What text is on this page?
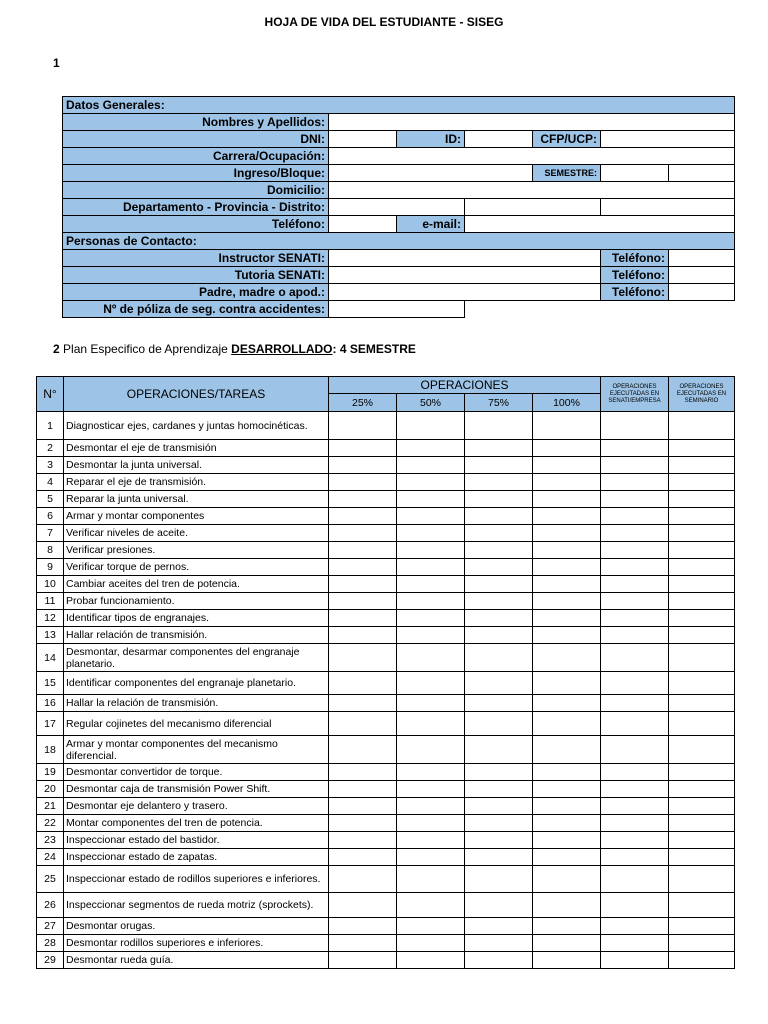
HOJA DE VIDA DEL ESTUDIANTE - SISEG
1
Datos Generales:						
Nombres y Apellidos:						
DNI:		ID:		CFP/UCP:		
Carrera/Ocupación:						
Ingreso/Bloque:				SEMESTRE:		
Domicilio:						
Departamento - Provincia - Distrito:						
Teléfono:		e-mail:				
Personas de Contacto:						
Instructor SENATI:					Teléfono:	
Tutoria SENATI:					Teléfono:	
Padre, madre o apod.:					Teléfono:	
Nº de póliza de seg. contra accidentes:						
2 Plan Especifico de Aprendizaje DESARROLLADO: 4 SEMESTRE
N°	OPERACIONES/TAREAS	OPERACIONES				OPERACIONES EJECUTADAS EN SENATI/EMPRESA	OPERACIONES EJECUTADAS EN SEMINARIO
		25%	50%	75%	100%		
1	Diagnosticar ejes, cardanes y juntas homocinéticas.						
2	Desmontar el eje de transmisión						
3	Desmontar la junta universal.						
4	Reparar el eje de transmisión.						
5	Reparar la junta universal.						
6	Armar y montar componentes						
7	Verificar niveles de aceite.						
8	Verificar presiones.						
9	Verificar torque de pernos.						
10	Cambiar aceites del tren de potencia.						
11	Probar funcionamiento.						
12	Identificar tipos de engranajes.						
13	Hallar relación de transmisión.						
14	Desmontar, desarmar componentes del engranaje planetario.						
15	Identificar componentes del engranaje planetario.						
16	Hallar la relación de transmisión.						
17	Regular cojinetes del mecanismo diferencial						
18	Armar y montar componentes del mecanismo diferencial.						
19	Desmontar convertidor de torque.						
20	Desmontar caja de transmisión Power Shift.						
21	Desmontar eje delantero y trasero.						
22	Montar componentes del tren de potencia.						
23	Inspeccionar estado del bastidor.						
24	Inspeccionar estado de zapatas.						
25	Inspeccionar estado de rodillos superiores e inferiores.						
26	Inspeccionar segmentos de rueda motriz (sprockets).						
27	Desmontar orugas.						
28	Desmontar rodillos superiores e inferiores.						
29	Desmontar rueda guía.						
